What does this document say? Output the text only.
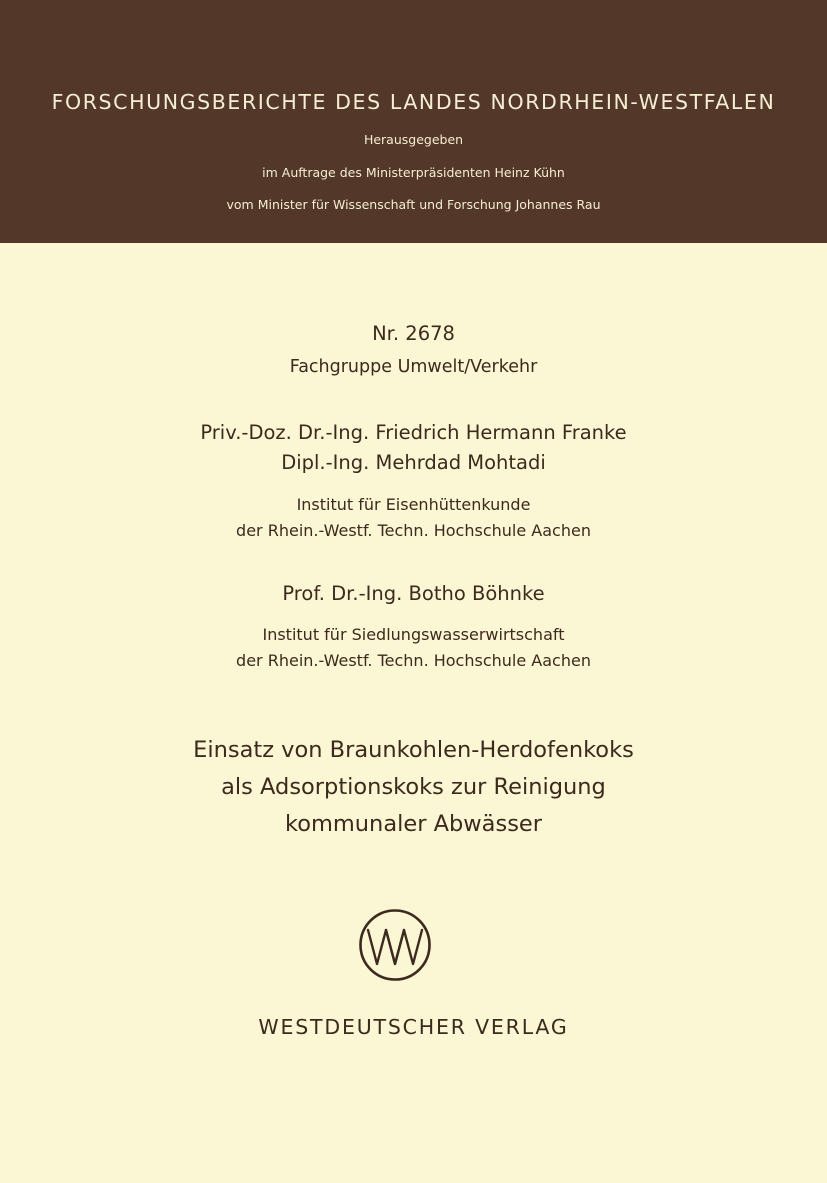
FORSCHUNGSBERICHTE DES LANDES NORDRHEIN-WESTFALEN
Herausgegeben
im Auftrage des Ministerpräsidenten Heinz Kühn
vom Minister für Wissenschaft und Forschung Johannes Rau
Nr. 2678
Fachgruppe Umwelt/Verkehr
Priv.-Doz. Dr.-Ing. Friedrich Hermann Franke
Dipl.-Ing. Mehrdad Mohtadi
Institut für Eisenhüttenkunde
der Rhein.-Westf. Techn. Hochschule Aachen
Prof. Dr.-Ing. Botho Böhnke
Institut für Siedlungswasserwirtschaft
der Rhein.-Westf. Techn. Hochschule Aachen
Einsatz von Braunkohlen-Herdofenkoks
als Adsorptionskoks zur Reinigung
kommunaler Abwässer
WESTDEUTSCHER VERLAG
